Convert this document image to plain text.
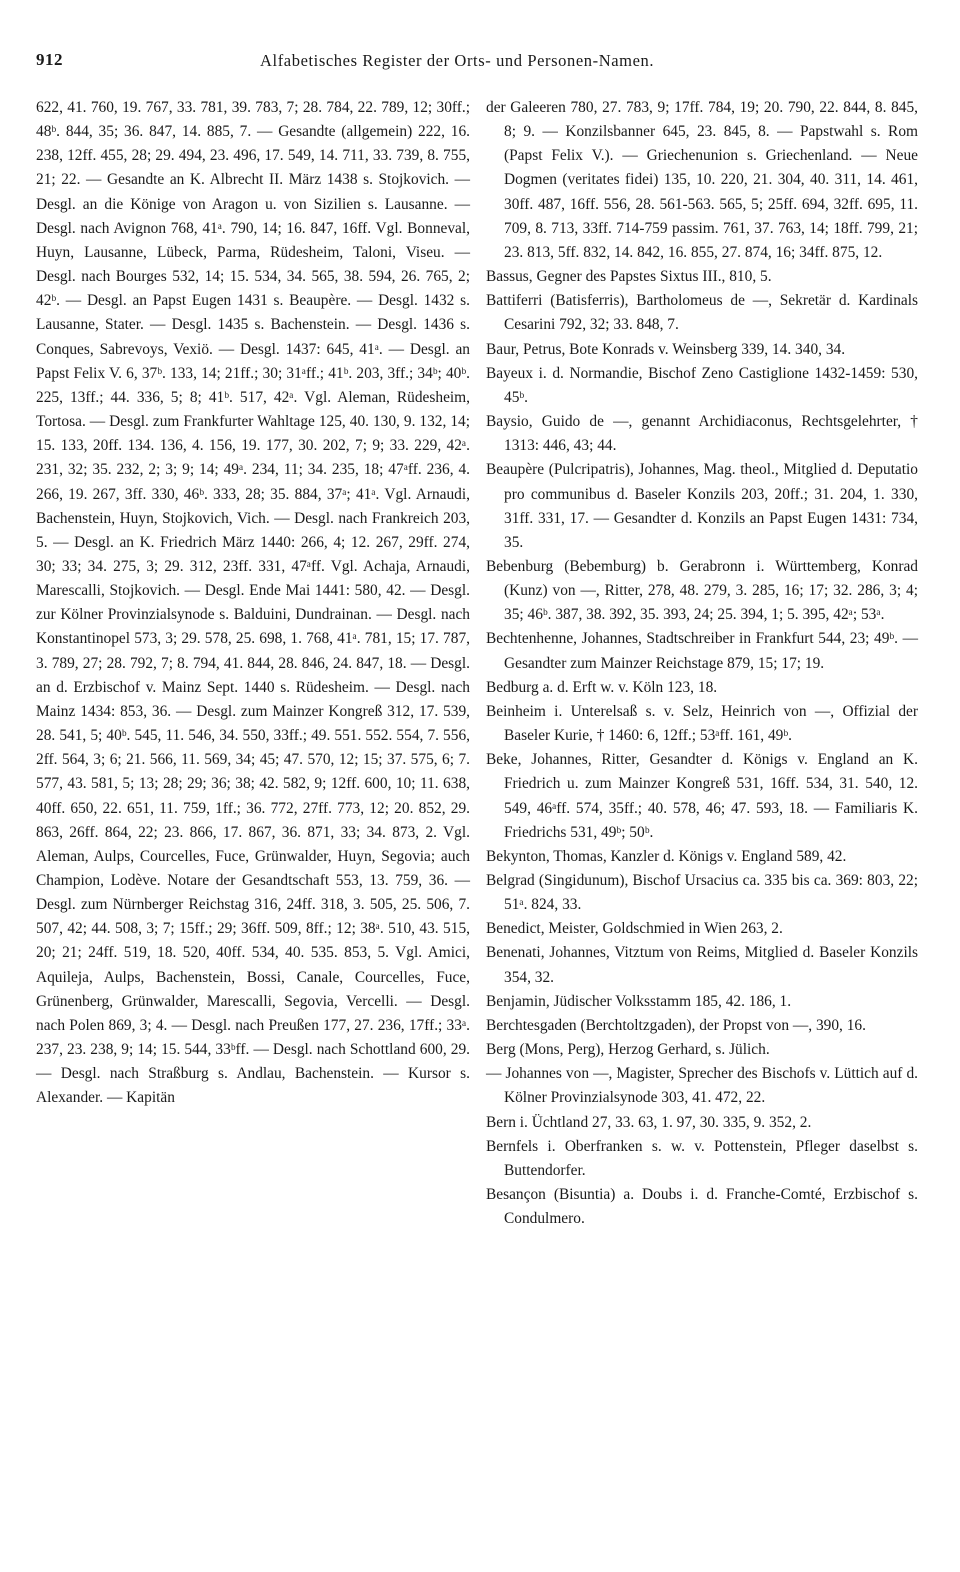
912	Alfabetisches Register der Orts- und Personen-Namen.

622, 41. 760, 19. 767, 33. 781, 39. 783, 7; 28. 784, 22. 789, 12; 30ff.; 48ᵇ. 844, 35; 36. 847, 14. 885, 7. — Gesandte (allgemein) 222, 16. 238, 12ff. 455, 28; 29. 494, 23. 496, 17. 549, 14. 711, 33. 739, 8. 755, 21; 22. — Gesandte an K. Albrecht II. März 1438 s. Stojkovich. — Desgl. an die Könige von Aragon u. von Sizilien s. Lausanne. — Desgl. nach Avignon 768, 41ᵃ. 790, 14; 16. 847, 16ff. Vgl. Bonneval, Huyn, Lausanne, Lübeck, Parma, Rüdesheim, Taloni, Viseu. — Desgl. nach Bourges 532, 14; 15. 534, 34. 565, 38. 594, 26. 765, 2; 42ᵇ. — Desgl. an Papst Eugen 1431 s. Beaupère. — Desgl. 1432 s. Lausanne, Stater. — Desgl. 1435 s. Bachenstein. — Desgl. 1436 s. Conques, Sabrevoys, Vexiö. — Desgl. 1437: 645, 41ᵃ. — Desgl. an Papst Felix V. 6, 37ᵇ. 133, 14; 21ff.; 30; 31ᵃff.; 41ᵇ. 203, 3ff.; 34ᵇ; 40ᵇ. 225, 13ff.; 44. 336, 5; 8; 41ᵇ. 517, 42ᵃ. Vgl. Aleman, Rüdesheim, Tortosa. — Desgl. zum Frankfurter Wahltage 125, 40. 130, 9. 132, 14; 15. 133, 20ff. 134. 136, 4. 156, 19. 177, 30. 202, 7; 9; 33. 229, 42ᵃ. 231, 32; 35. 232, 2; 3; 9; 14; 49ᵃ. 234, 11; 34. 235, 18; 47ᵃff. 236, 4. 266, 19. 267, 3ff. 330, 46ᵇ. 333, 28; 35. 884, 37ᵃ; 41ᵃ. Vgl. Arnaudi, Bachenstein, Huyn, Stojkovich, Vich. — Desgl. nach Frankreich 203, 5. — Desgl. an K. Friedrich März 1440: 266, 4; 12. 267, 29ff. 274, 30; 33; 34. 275, 3; 29. 312, 23ff. 331, 47ᵃff. Vgl. Achaja, Arnaudi, Marescalli, Stojkovich. — Desgl. Ende Mai 1441: 580, 42. — Desgl. zur Kölner Provinzialsynode s. Balduini, Dundrainan. — Desgl. nach Konstantinopel 573, 3; 29. 578, 25. 698, 1. 768, 41ᵃ. 781, 15; 17. 787, 3. 789, 27; 28. 792, 7; 8. 794, 41. 844, 28. 846, 24. 847, 18. — Desgl. an d. Erzbischof v. Mainz Sept. 1440 s. Rüdesheim. — Desgl. nach Mainz 1434: 853, 36. — Desgl. zum Mainzer Kongreß 312, 17. 539, 28. 541, 5; 40ᵇ. 545, 11. 546, 34. 550, 33ff.; 49. 551. 552. 554, 7. 556, 2ff. 564, 3; 6; 21. 566, 11. 569, 34; 45; 47. 570, 12; 15; 37. 575, 6; 7. 577, 43. 581, 5; 13; 28; 29; 36; 38; 42. 582, 9; 12ff. 600, 10; 11. 638, 40ff. 650, 22. 651, 11. 759, 1ff.; 36. 772, 27ff. 773, 12; 20. 852, 29. 863, 26ff. 864, 22; 23. 866, 17. 867, 36. 871, 33; 34. 873, 2. Vgl. Aleman, Aulps, Courcelles, Fuce, Grünwalder, Huyn, Segovia; auch Champion, Lodève. Notare der Gesandtschaft 553, 13. 759, 36. — Desgl. zum Nürnberger Reichstag 316, 24ff. 318, 3. 505, 25. 506, 7. 507, 42; 44. 508, 3; 7; 15ff.; 29; 36ff. 509, 8ff.; 12; 38ᵃ. 510, 43. 515, 20; 21; 24ff. 519, 18. 520, 40ff. 534, 40. 535. 853, 5. Vgl. Amici, Aquileja, Aulps, Bachenstein, Bossi, Canale, Courcelles, Fuce, Grünenberg, Grünwalder, Marescalli, Segovia, Vercelli. — Desgl. nach Polen 869, 3; 4. — Desgl. nach Preußen 177, 27. 236, 17ff.; 33ᵃ. 237, 23. 238, 9; 14; 15. 544, 33ᵇff. — Desgl. nach Schottland 600, 29. — Desgl. nach Straßburg s. Andlau, Bachenstein. — Kursor s. Alexander. — Kapitän

der Galeeren 780, 27. 783, 9; 17ff. 784, 19; 20. 790, 22. 844, 8. 845, 8; 9. — Konzilsbanner 645, 23. 845, 8. — Papstwahl s. Rom (Papst Felix V.). — Griechenunion s. Griechenland. — Neue Dogmen (veritates fidei) 135, 10. 220, 21. 304, 40. 311, 14. 461, 30ff. 487, 16ff. 556, 28. 561-563. 565, 5; 25ff. 694, 32ff. 695, 11. 709, 8. 713, 33ff. 714-759 passim. 761, 37. 763, 14; 18ff. 799, 21; 23. 813, 5ff. 832, 14. 842, 16. 855, 27. 874, 16; 34ff. 875, 12.

Bassus, Gegner des Papstes Sixtus III., 810, 5.

Battiferri (Batisferris), Bartholomeus de —, Sekretär d. Kardinals Cesarini 792, 32; 33. 848, 7.

Baur, Petrus, Bote Konrads v. Weinsberg 339, 14. 340, 34.

Bayeux i. d. Normandie, Bischof Zeno Castiglione 1432-1459: 530, 45ᵇ.

Baysio, Guido de —, genannt Archidiaconus, Rechtsgelehrter, † 1313: 446, 43; 44.

Beaupère (Pulcripatris), Johannes, Mag. theol., Mitglied d. Deputatio pro communibus d. Baseler Konzils 203, 20ff.; 31. 204, 1. 330, 31ff. 331, 17. — Gesandter d. Konzils an Papst Eugen 1431: 734, 35.

Bebenburg (Bebemburg) b. Gerabronn i. Württemberg, Konrad (Kunz) von —, Ritter, 278, 48. 279, 3. 285, 16; 17; 32. 286, 3; 4; 35; 46ᵇ. 387, 38. 392, 35. 393, 24; 25. 394, 1; 5. 395, 42ᵃ; 53ᵃ.

Bechtenhenne, Johannes, Stadtschreiber in Frankfurt 544, 23; 49ᵇ. — Gesandter zum Mainzer Reichstage 879, 15; 17; 19.

Bedburg a. d. Erft w. v. Köln 123, 18.

Beinheim i. Unterelsaß s. v. Selz, Heinrich von —, Offizial der Baseler Kurie, † 1460: 6, 12ff.; 53ᵃff. 161, 49ᵇ.

Beke, Johannes, Ritter, Gesandter d. Königs v. England an K. Friedrich u. zum Mainzer Kongreß 531, 16ff. 534, 31. 540, 12. 549, 46ᵃff. 574, 35ff.; 40. 578, 46; 47. 593, 18. — Familiaris K. Friedrichs 531, 49ᵇ; 50ᵇ.

Bekynton, Thomas, Kanzler d. Königs v. England 589, 42.

Belgrad (Singidunum), Bischof Ursacius ca. 335 bis ca. 369: 803, 22; 51ᵃ. 824, 33.

Benedict, Meister, Goldschmied in Wien 263, 2.

Benenati, Johannes, Vitztum von Reims, Mitglied d. Baseler Konzils 354, 32.

Benjamin, Jüdischer Volksstamm 185, 42. 186, 1.

Berchtesgaden (Berchtoltzgaden), der Propst von —, 390, 16.

Berg (Mons, Perg), Herzog Gerhard, s. Jülich.

— Johannes von —, Magister, Sprecher des Bischofs v. Lüttich auf d. Kölner Provinzialsynode 303, 41. 472, 22.

Bern i. Üchtland 27, 33. 63, 1. 97, 30. 335, 9. 352, 2.

Bernfels i. Oberfranken s. w. v. Pottenstein, Pfleger daselbst s. Buttendorfer.

Besançon (Bisuntia) a. Doubs i. d. Franche-Comté, Erzbischof s. Condulmero.
